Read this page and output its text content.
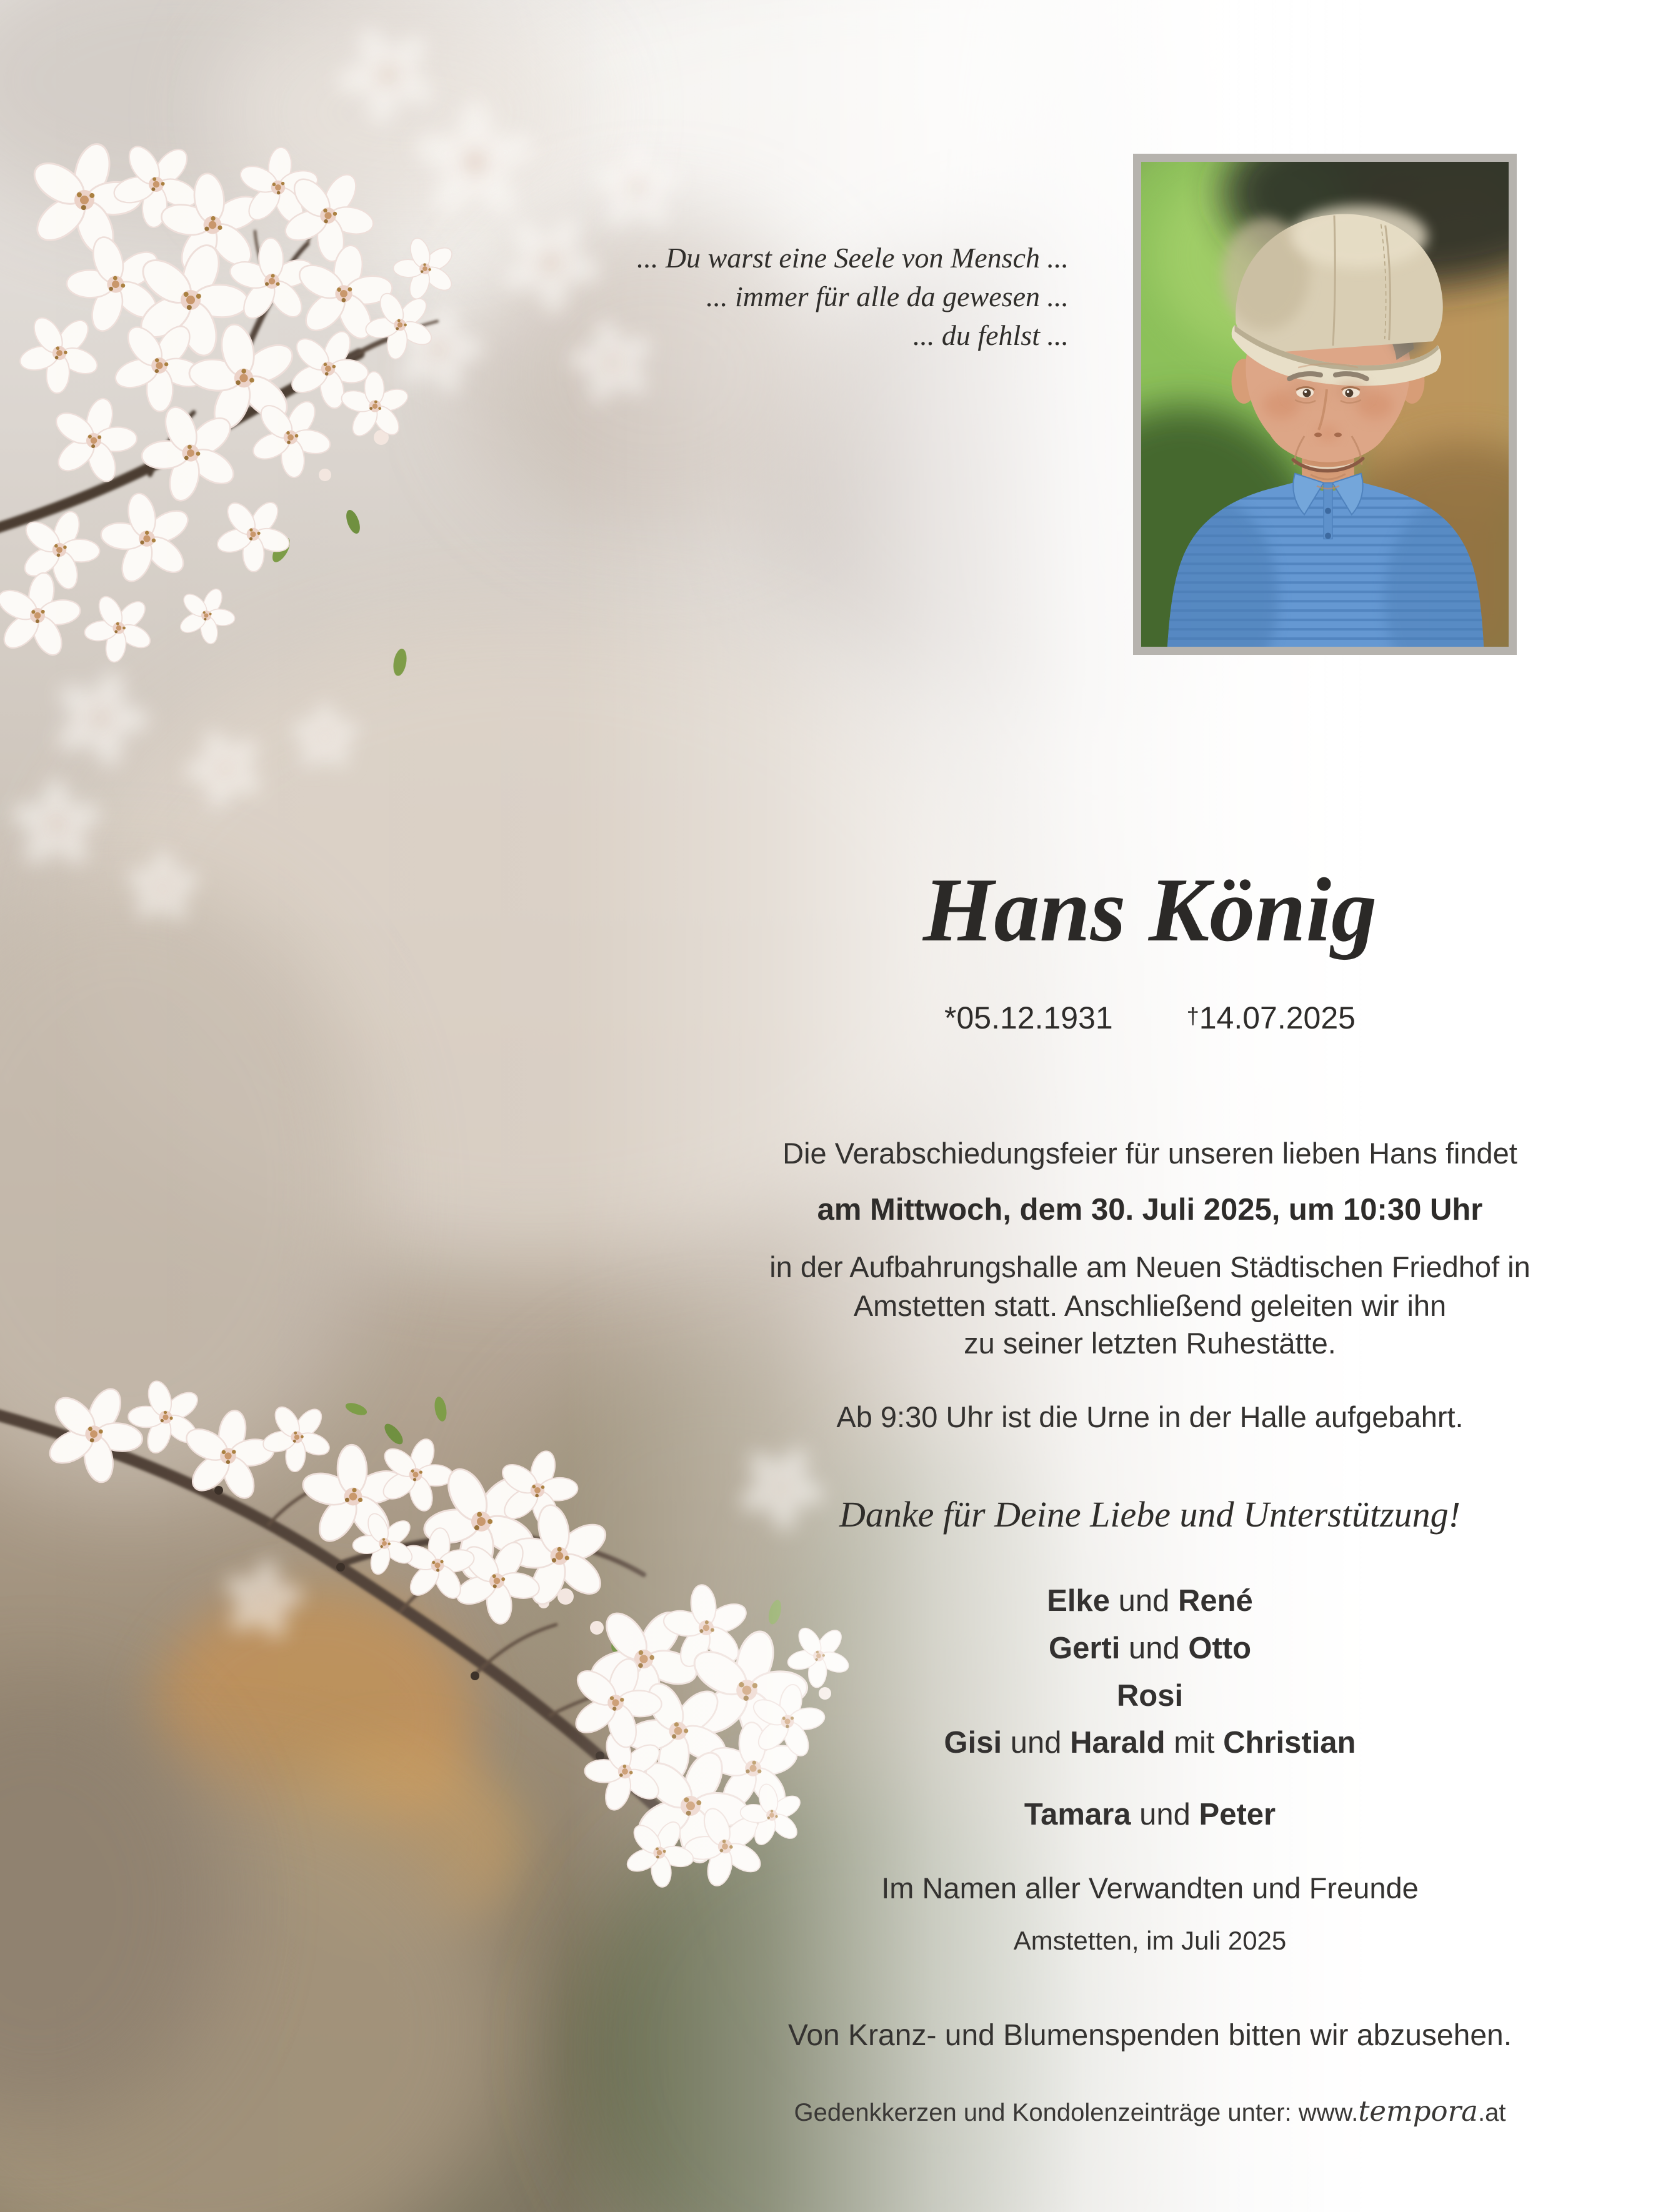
... Du warst eine Seele von Mensch ...
... immer für alle da gewesen ...
... du fehlst ...
Hans König
*05.12.1931	†14.07.2025
Die Verabschiedungsfeier für unseren lieben Hans findet
am Mittwoch, dem 30. Juli 2025, um 10:30 Uhr
in der Aufbahrungshalle am Neuen Städtischen Friedhof in
Amstetten statt. Anschließend geleiten wir ihn
zu seiner letzten Ruhestätte.
Ab 9:30 Uhr ist die Urne in der Halle aufgebahrt.
Danke für Deine Liebe und Unterstützung!
Elke und René
Gerti und Otto
Rosi
Gisi und Harald mit Christian
Tamara und Peter
Im Namen aller Verwandten und Freunde
Amstetten, im Juli 2025
Von Kranz- und Blumenspenden bitten wir abzusehen.
Gedenkkerzen und Kondolenzeinträge unter: www.tempora.at
